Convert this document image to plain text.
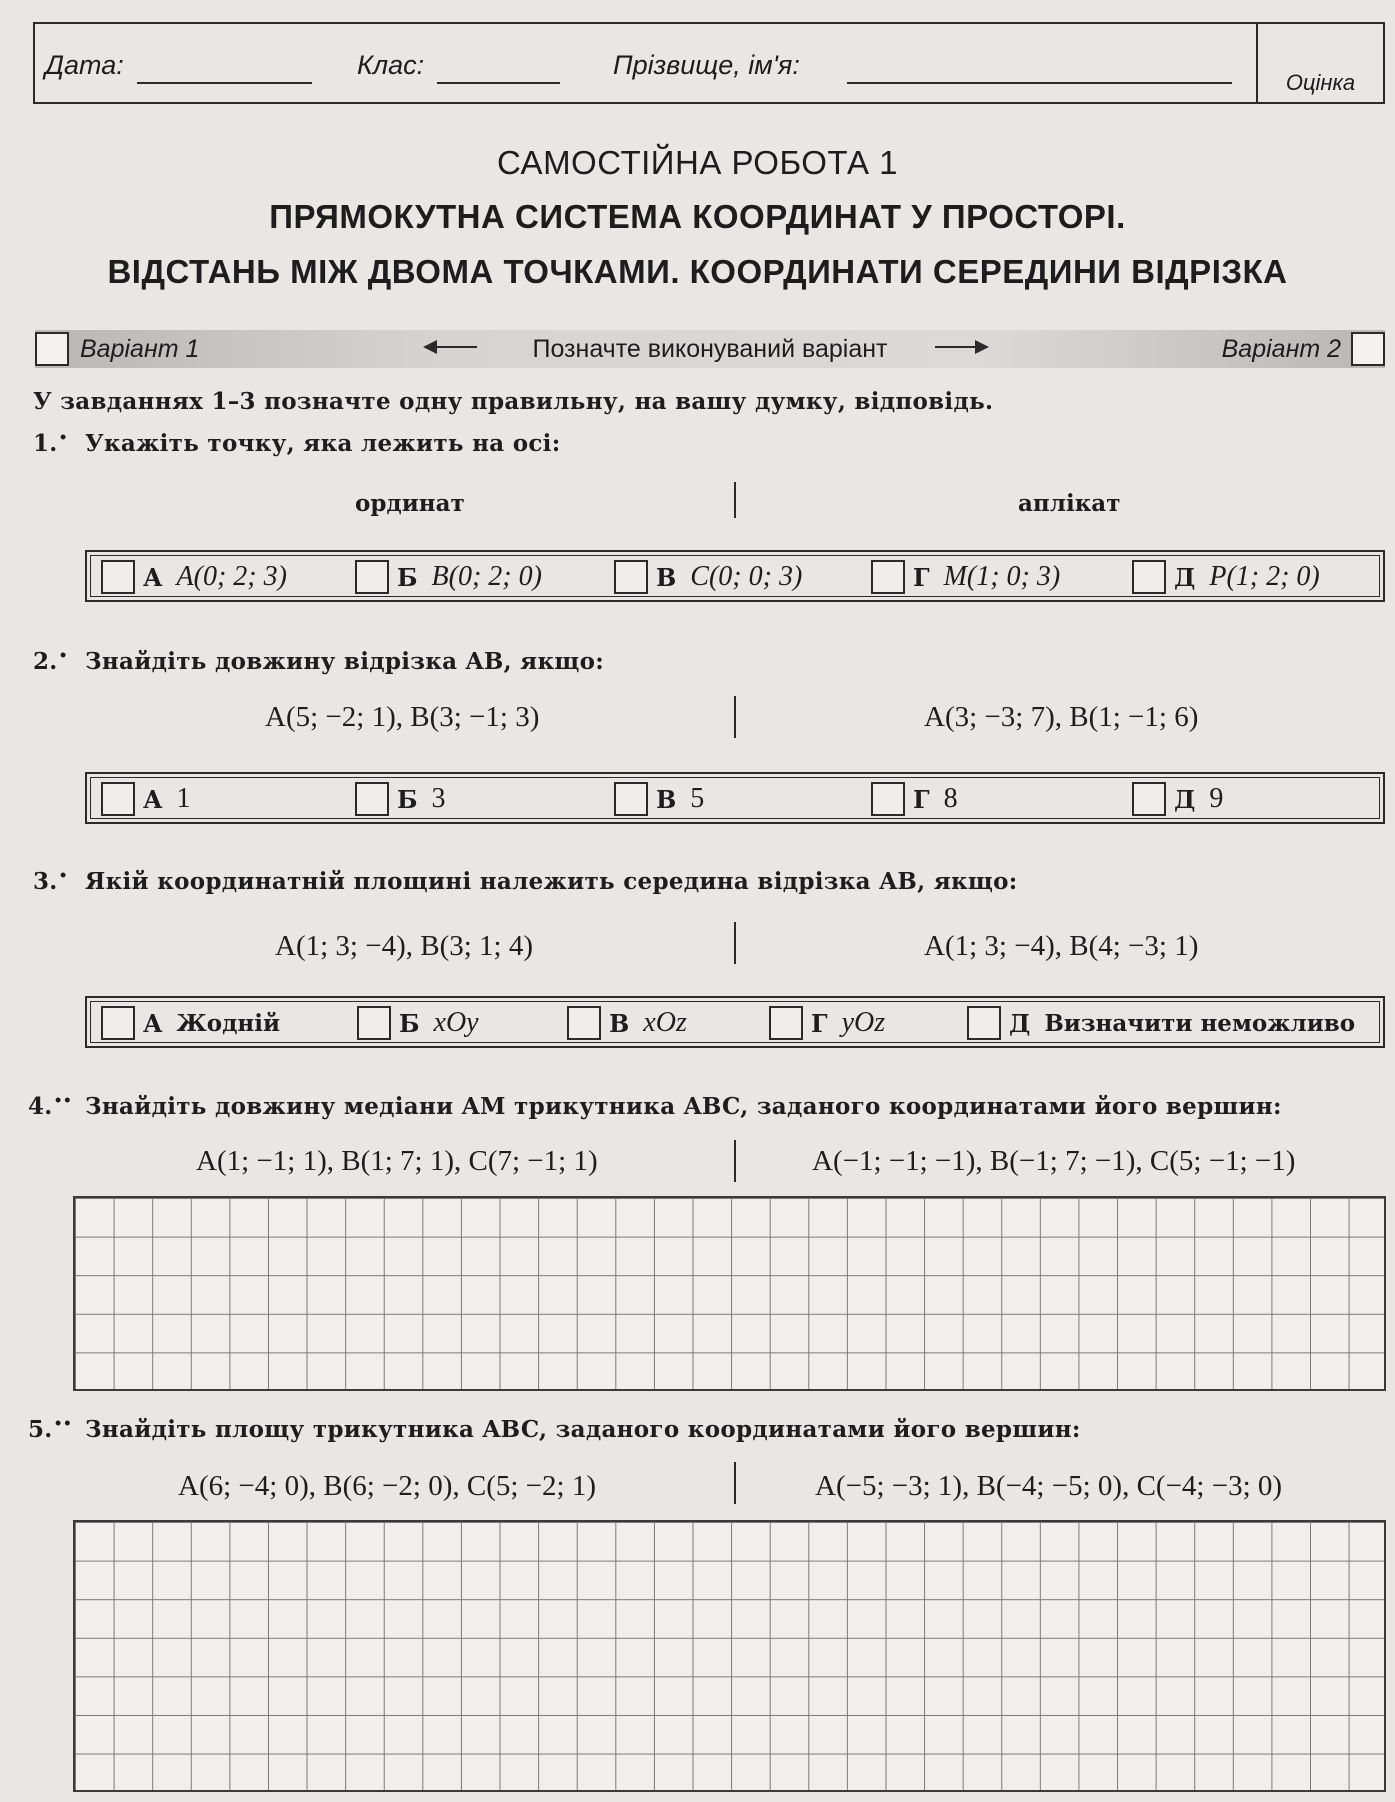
Дата:	Клас:	Прізвище, ім'я:
Оцінка
САМОСТІЙНА РОБОТА 1
ПРЯМОКУТНА СИСТЕМА КООРДИНАТ У ПРОСТОРІ.
ВІДСТАНЬ МІЖ ДВОМА ТОЧКАМИ. КООРДИНАТИ СЕРЕДИНИ ВІДРІЗКА
Варіант 1	Позначте виконуваний варіант	Варіант 2
У завданнях 1–3 позначте одну правильну, на вашу думку, відповідь.
1.• Укажіть точку, яка лежить на осі:
ординат	аплікат
А A(0; 2; 3)	Б B(0; 2; 0)	В C(0; 0; 3)	Г M(1; 0; 3)	Д P(1; 2; 0)
2.• Знайдіть довжину відрізка AB, якщо:
A(5; −2; 1), B(3; −1; 3)	A(3; −3; 7), B(1; −1; 6)
А 1	Б 3	В 5	Г 8	Д 9
3.• Якій координатній площині належить середина відрізка AB, якщо:
A(1; 3; −4), B(3; 1; 4)	A(1; 3; −4), B(4; −3; 1)
А Жодній	Б xOy	В xOz	Г yOz	Д Визначити неможливо
4.•• Знайдіть довжину медіани AM трикутника ABC, заданого координатами його вершин:
A(1; −1; 1), B(1; 7; 1), C(7; −1; 1)	A(−1; −1; −1), B(−1; 7; −1), C(5; −1; −1)
5.•• Знайдіть площу трикутника ABC, заданого координатами його вершин:
A(6; −4; 0), B(6; −2; 0), C(5; −2; 1)	A(−5; −3; 1), B(−4; −5; 0), C(−4; −3; 0)
